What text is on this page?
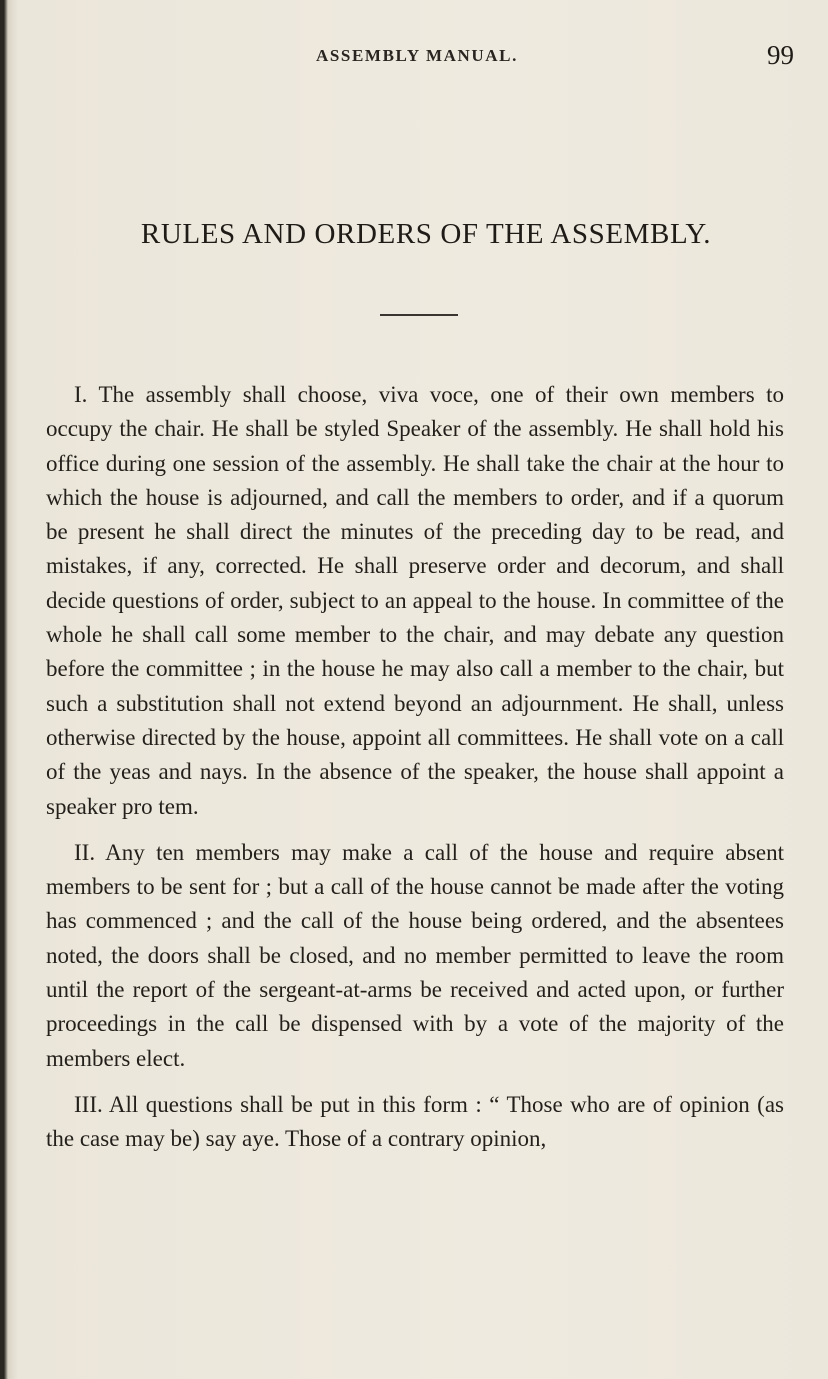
ASSEMBLY MANUAL.	99
RULES AND ORDERS OF THE ASSEMBLY.

I. The assembly shall choose, viva voce, one of their own members to occupy the chair. He shall be styled Speaker of the assembly. He shall hold his office during one session of the assembly. He shall take the chair at the hour to which the house is adjourned, and call the members to order, and if a quorum be present he shall direct the minutes of the preceding day to be read, and mistakes, if any, corrected. He shall preserve order and decorum, and shall decide questions of order, subject to an appeal to the house. In committee of the whole he shall call some member to the chair, and may debate any question before the committee ; in the house he may also call a member to the chair, but such a substitution shall not extend beyond an adjournment. He shall, unless otherwise directed by the house, appoint all committees. He shall vote on a call of the yeas and nays. In the absence of the speaker, the house shall appoint a speaker pro tem.

II. Any ten members may make a call of the house and require absent members to be sent for ; but a call of the house cannot be made after the voting has commenced ; and the call of the house being ordered, and the absentees noted, the doors shall be closed, and no member permitted to leave the room until the report of the sergeant-at-arms be received and acted upon, or further proceedings in the call be dispensed with by a vote of the majority of the members elect.

III. All questions shall be put in this form : “ Those who are of opinion (as the case may be) say aye. Those of a contrary opinion,
